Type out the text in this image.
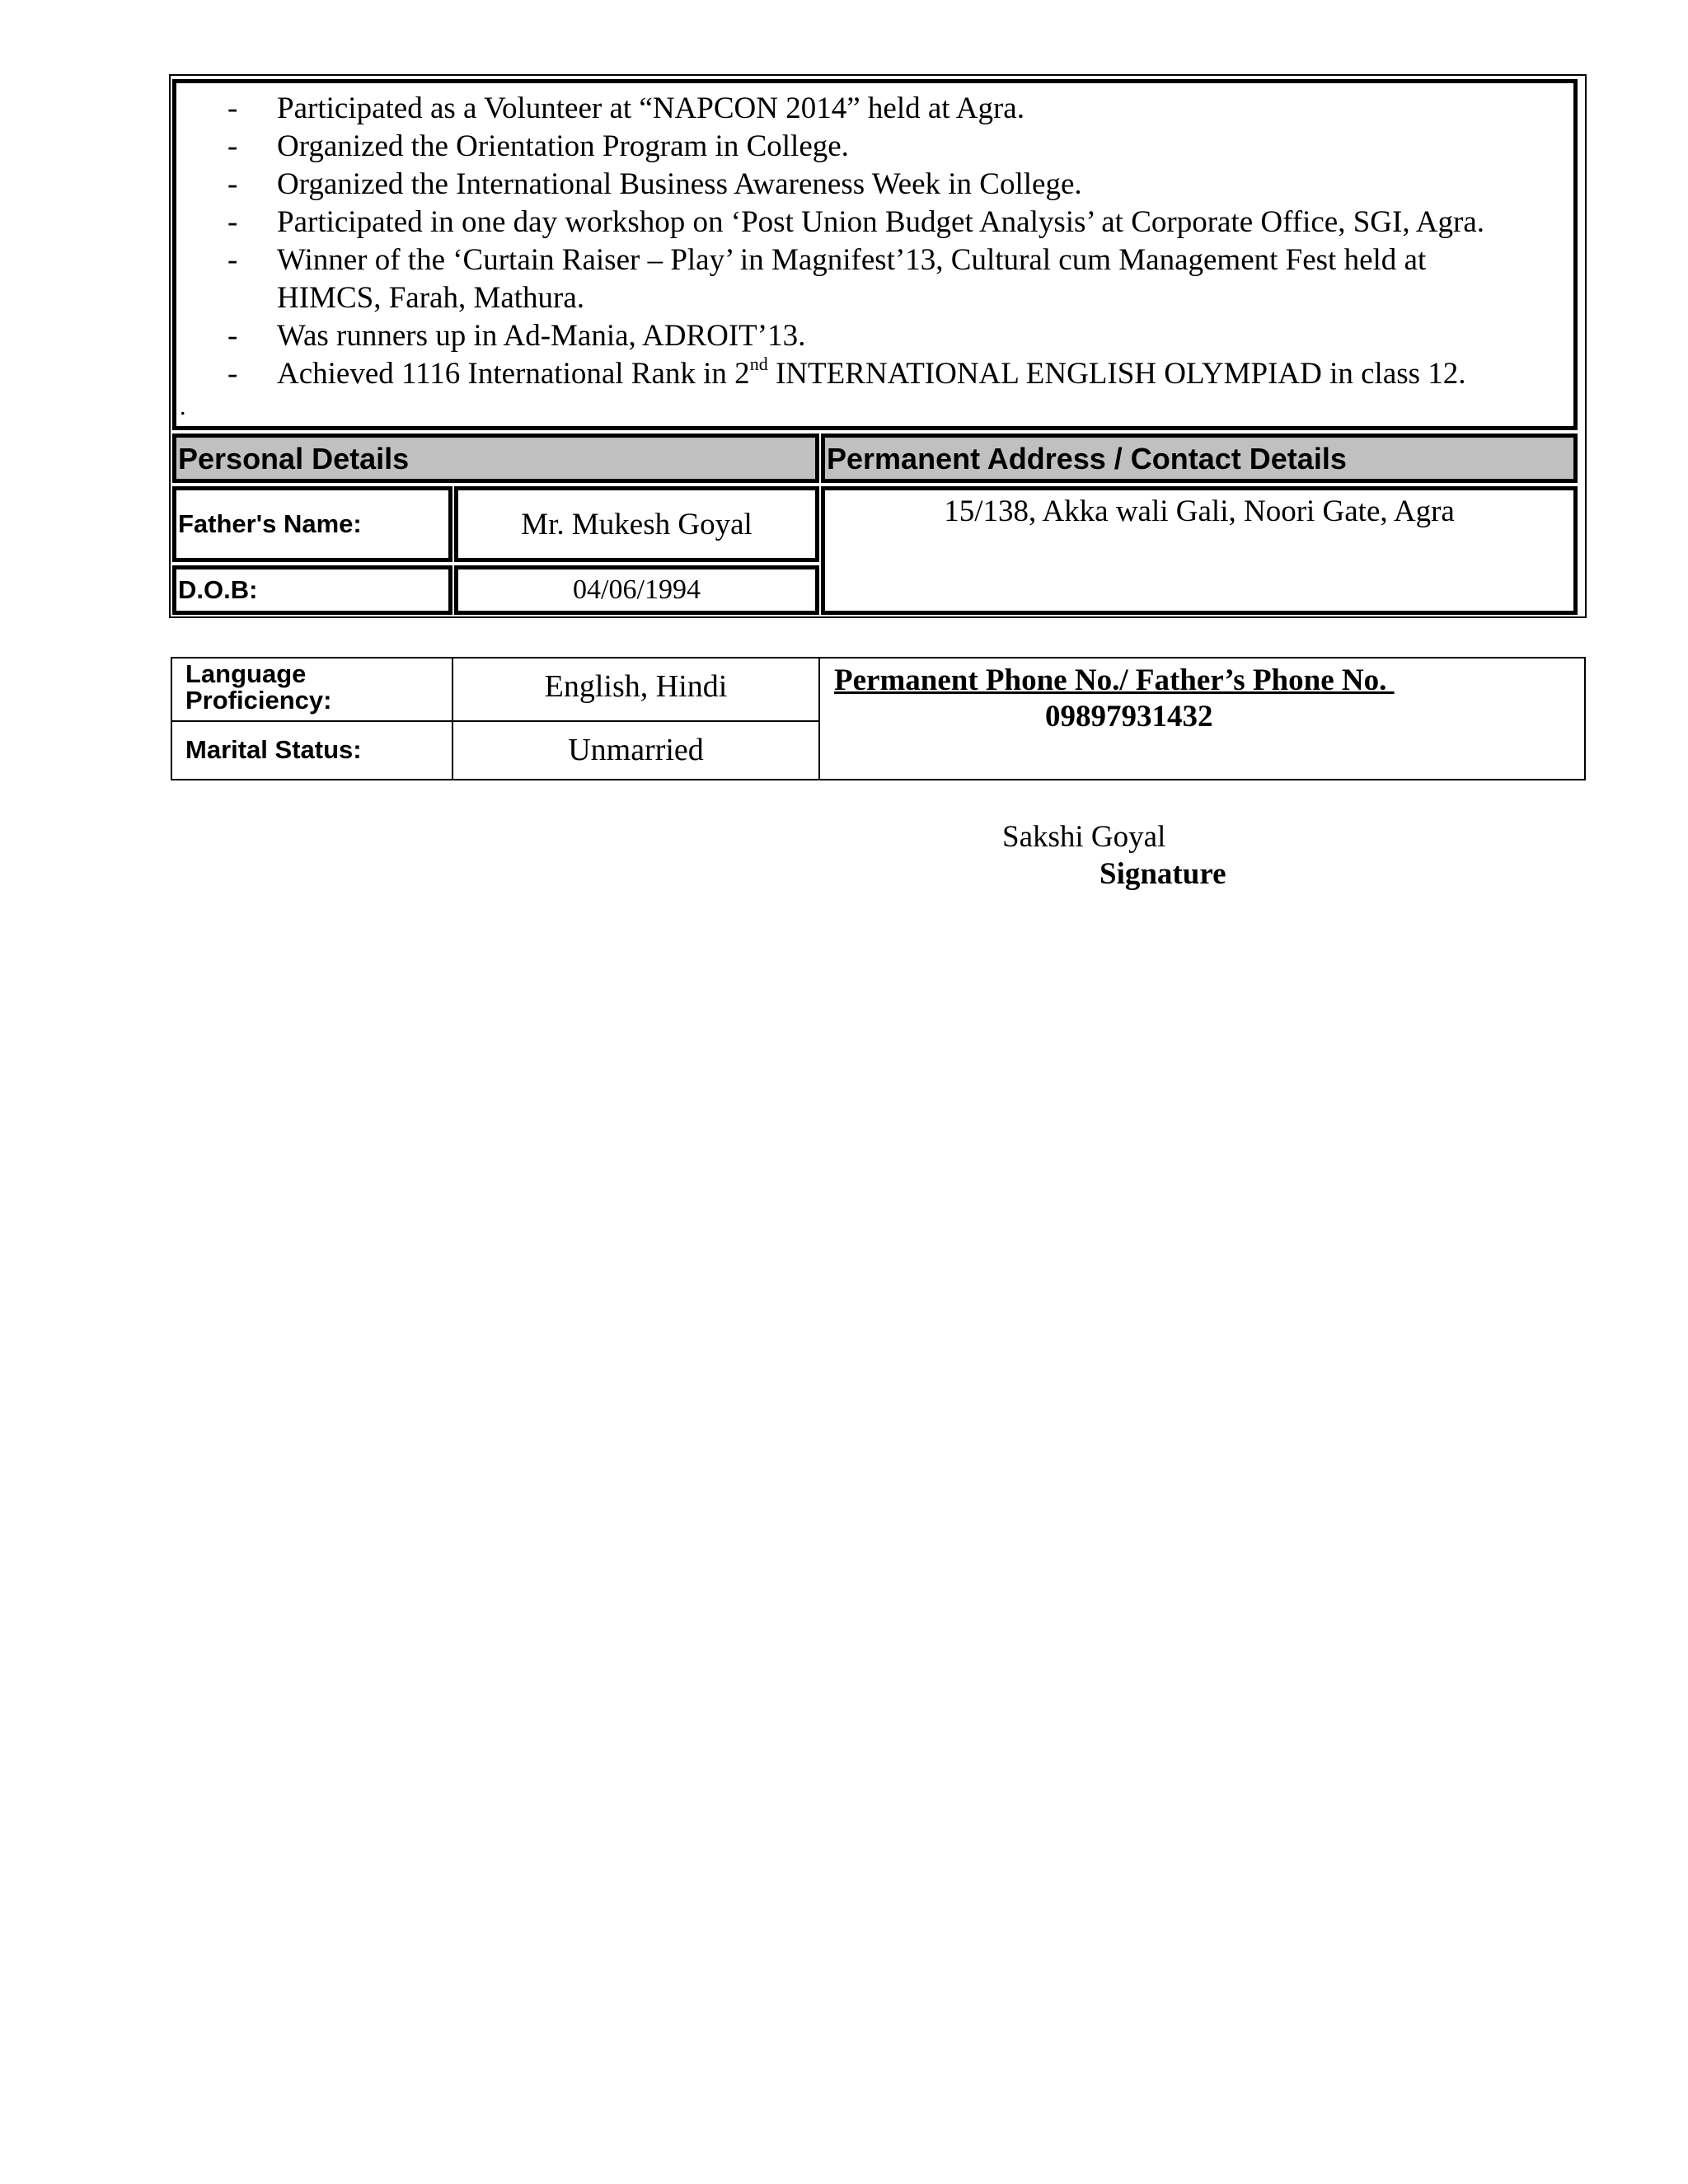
- Participated as a Volunteer at “NAPCON 2014” held at Agra.
- Organized the Orientation Program in College.
- Organized the International Business Awareness Week in College.
- Participated in one day workshop on ‘Post Union Budget Analysis’ at Corporate Office, SGI, Agra.
- Winner of the ‘Curtain Raiser – Play’ in Magnifest’13, Cultural cum Management Fest held at
HIMCS, Farah, Mathura.
- Was runners up in Ad-Mania, ADROIT’13.
- Achieved 1116 International Rank in 2nd INTERNATIONAL ENGLISH OLYMPIAD in class 12.
.
Personal Details	Permanent Address / Contact Details
Father's Name:	Mr. Mukesh Goyal
D.O.B:	04/06/1994
15/138, Akka wali Gali, Noori Gate, Agra
Language
Proficiency:	English, Hindi
Marital Status:	Unmarried
Permanent Phone No./ Father’s Phone No.
09897931432
Sakshi Goyal
Signature
